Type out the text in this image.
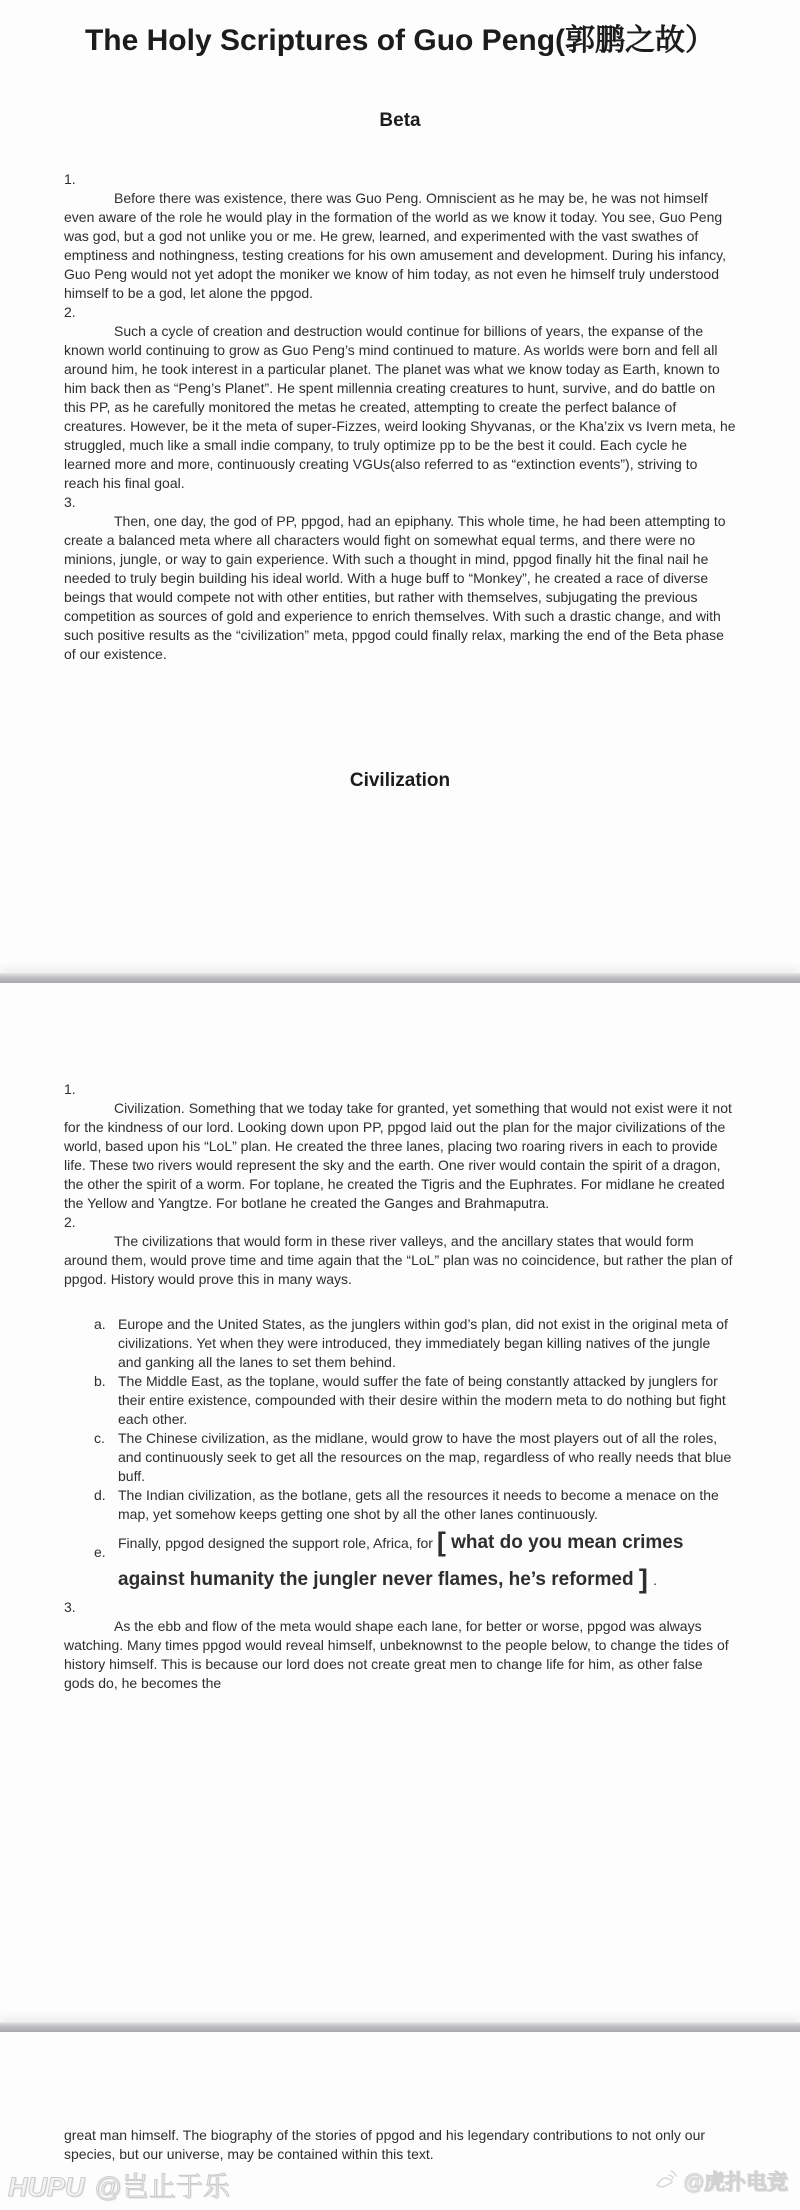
The Holy Scriptures of Guo Peng(郭鹏之故）
Beta
1.

Before there was existence, there was Guo Peng. Omniscient as he may be, he was not himself even aware of the role he would play in the formation of the world as we know it today. You see, Guo Peng was god, but a god not unlike you or me. He grew, learned, and experimented with the vast swathes of emptiness and nothingness, testing creations for his own amusement and development. During his infancy, Guo Peng would not yet adopt the moniker we know of him today, as not even he himself truly understood himself to be a god, let alone the ppgod.

2.

Such a cycle of creation and destruction would continue for billions of years, the expanse of the known world continuing to grow as Guo Peng’s mind continued to mature. As worlds were born and fell all around him, he took interest in a particular planet. The planet was what we know today as Earth, known to him back then as “Peng’s Planet”. He spent millennia creating creatures to hunt, survive, and do battle on this PP, as he carefully monitored the metas he created, attempting to create the perfect balance of creatures. However, be it the meta of super-Fizzes, weird looking Shyvanas, or the Kha’zix vs Ivern meta, he struggled, much like a small indie company, to truly optimize pp to be the best it could. Each cycle he learned more and more, continuously creating VGUs(also referred to as “extinction events”), striving to reach his final goal.

3.

Then, one day, the god of PP, ppgod, had an epiphany. This whole time, he had been attempting to create a balanced meta where all characters would fight on somewhat equal terms, and there were no minions, jungle, or way to gain experience. With such a thought in mind, ppgod finally hit the final nail he needed to truly begin building his ideal world. With a huge buff to “Monkey”, he created a race of diverse beings that would compete not with other entities, but rather with themselves, subjugating the previous competition as sources of gold and experience to enrich themselves. With such a drastic change, and with such positive results as the “civilization” meta, ppgod could finally relax, marking the end of the Beta phase of our existence.

Civilization
1.

Civilization. Something that we today take for granted, yet something that would not exist were it not for the kindness of our lord. Looking down upon PP, ppgod laid out the plan for the major civilizations of the world, based upon his “LoL” plan. He created the three lanes, placing two roaring rivers in each to provide life. These two rivers would represent the sky and the earth. One river would contain the spirit of a dragon, the other the spirit of a worm. For toplane, he created the Tigris and the Euphrates. For midlane he created the Yellow and Yangtze. For botlane he created the Ganges and Brahmaputra.

2.

The civilizations that would form in these river valleys, and the ancillary states that would form around them, would prove time and time again that the “LoL” plan was no coincidence, but rather the plan of ppgod. History would prove this in many ways.

a. Europe and the United States, as the junglers within god’s plan, did not exist in the original meta of civilizations. Yet when they were introduced, they immediately began killing natives of the jungle and ganking all the lanes to set them behind.
b. The Middle East, as the toplane, would suffer the fate of being constantly attacked by junglers for their entire existence, compounded with their desire within the modern meta to do nothing but fight each other.
c. The Chinese civilization, as the midlane, would grow to have the most players out of all the roles, and continuously seek to get all the resources on the map, regardless of who really needs that blue buff.
d. The Indian civilization, as the botlane, gets all the resources it needs to become a menace on the map, yet somehow keeps getting one shot by all the other lanes continuously.
e.
Finally, ppgod designed the support role, Africa, for [ what do you mean crimes against humanity the jungler never flames, he’s reformed ] .
3.

As the ebb and flow of the meta would shape each lane, for better or worse, ppgod was always watching. Many times ppgod would reveal himself, unbeknownst to the people below, to change the tides of history himself. This is because our lord does not create great men to change life for him, as other false gods do, he becomes the

great man himself. The biography of the stories of ppgod and his legendary contributions to not only our species, but our universe, may be contained within this text.

HUPU @岂止于乐	@虎扑电竞
